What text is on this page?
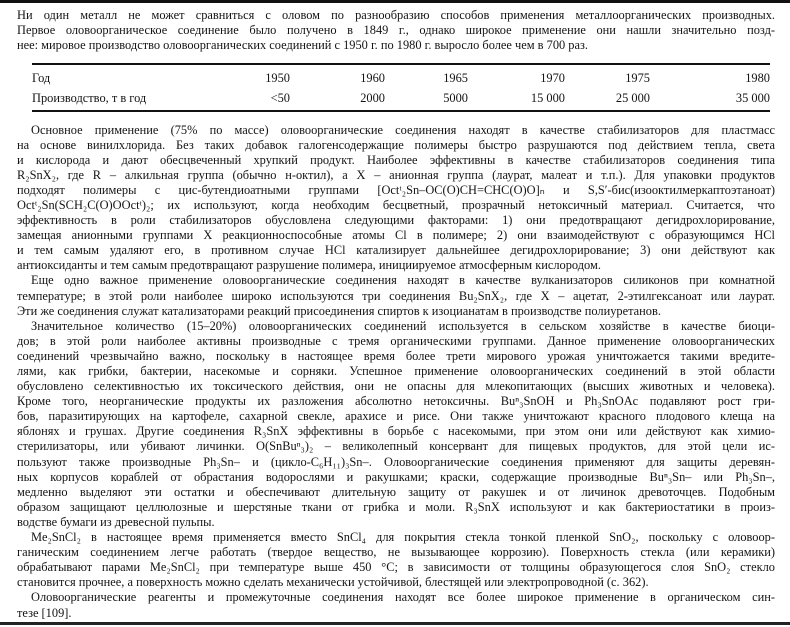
Ни один металл не может сравниться с оловом по разнообразию способов применения металлоорганических производных.
Первое оловоорганическое соединение было получено в 1849 г., однако широкое применение они нашли значительно позд-
нее: мировое производство оловоорганических соединений с 1950 г. по 1980 г. выросло более чем в 700 раз.
Год	1950	1960	1965	1970	1975	1980
Производство, т в год	<50	2000	5000	15 000	25 000	35 000
Основное применение (75% по массе) оловоорганические соединения находят в качестве стабилизаторов для пластмасс
на основе винилхлорида. Без таких добавок галогенсодержащие полимеры быстро разрушаются под действием тепла, света
и кислорода и дают обесцвеченный хрупкий продукт. Наиболее эффективны в качестве стабилизаторов соединения типа
R₂SnX₂, где R – алкильная группа (обычно н-октил), а X – анионная группа (лаурат, малеат и т.п.). Для упаковки продуктов
подходят полимеры с цис-бутендиоатными группами [Octᵗ₂Sn–OC(O)CH=CHC(O)O]ₙ и S,S′-бис(изооктилмеркаптоэтаноат)
Octᵗ₂Sn(SCH₂C(O)OOctᵗ)₂; их используют, когда необходим бесцветный, прозрачный нетоксичный материал. Считается, что
эффективность в роли стабилизаторов обусловлена следующими факторами: 1) они предотвращают дегидрохлорирование,
замещая анионными группами X реакционноспособные атомы Cl в полимере; 2) они взаимодействуют с образующимся HCl
и тем самым удаляют его, в противном случае HCl катализирует дальнейшее дегидрохлорирование; 3) они действуют как
антиоксиданты и тем самым предотвращают разрушение полимера, инициируемое атмосферным кислородом.
Еще одно важное применение оловоорганические соединения находят в качестве вулканизаторов силиконов при комнатной
температуре; в этой роли наиболее широко используются три соединения Bu₂SnX₂, где X – ацетат, 2-этилгексаноат или лаурат.
Эти же соединения служат катализаторами реакций присоединения спиртов к изоцианатам в производстве полиуретанов.
Значительное количество (15–20%) оловоорганических соединений используется в сельском хозяйстве в качестве биоци-
дов; в этой роли наиболее активны производные с тремя органическими группами. Данное применение оловоорганических
соединений чрезвычайно важно, поскольку в настоящее время более трети мирового урожая уничтожается такими вредите-
лями, как грибки, бактерии, насекомые и сорняки. Успешное применение оловоорганических соединений в этой области
обусловлено селективностью их токсического действия, они не опасны для млекопитающих (высших животных и человека).
Кроме того, неорганические продукты их разложения абсолютно нетоксичны. Buⁿ₃SnOH и Ph₃SnOAc подавляют рост гри-
бов, паразитирующих на картофеле, сахарной свекле, арахисе и рисе. Они также уничтожают красного плодового клеща на
яблонях и грушах. Другие соединения R₃SnX эффективны в борьбе с насекомыми, при этом они или действуют как химио-
стерилизаторы, или убивают личинки. O(SnBuⁿ₃)₂ – великолепный консервант для пищевых продуктов, для этой цели ис-
пользуют также производные Ph₃Sn– и (цикло-C₆H₁₁)₃Sn–. Оловоорганические соединения применяют для защиты деревян-
ных корпусов кораблей от обрастания водорослями и ракушками; краски, содержащие производные Buⁿ₃Sn– или Ph₃Sn–,
медленно выделяют эти остатки и обеспечивают длительную защиту от ракушек и от личинок древоточцев. Подобным
образом защищают целлюлозные и шерстяные ткани от грибка и моли. R₃SnX используют и как бактериостатики в произ-
водстве бумаги из древесной пульпы.
Me₂SnCl₂ в настоящее время применяется вместо SnCl₄ для покрытия стекла тонкой пленкой SnO₂, поскольку с оловоор-
ганическим соединением легче работать (твердое вещество, не вызывающее коррозию). Поверхность стекла (или керамики)
обрабатывают парами Me₂SnCl₂ при температуре выше 450 °C; в зависимости от толщины образующегося слоя SnO₂ стекло
становится прочнее, а поверхность можно сделать механически устойчивой, блестящей или электропроводной (с. 362).
Оловоорганические реагенты и промежуточные соединения находят все более широкое применение в органическом син-
тезе [109].
